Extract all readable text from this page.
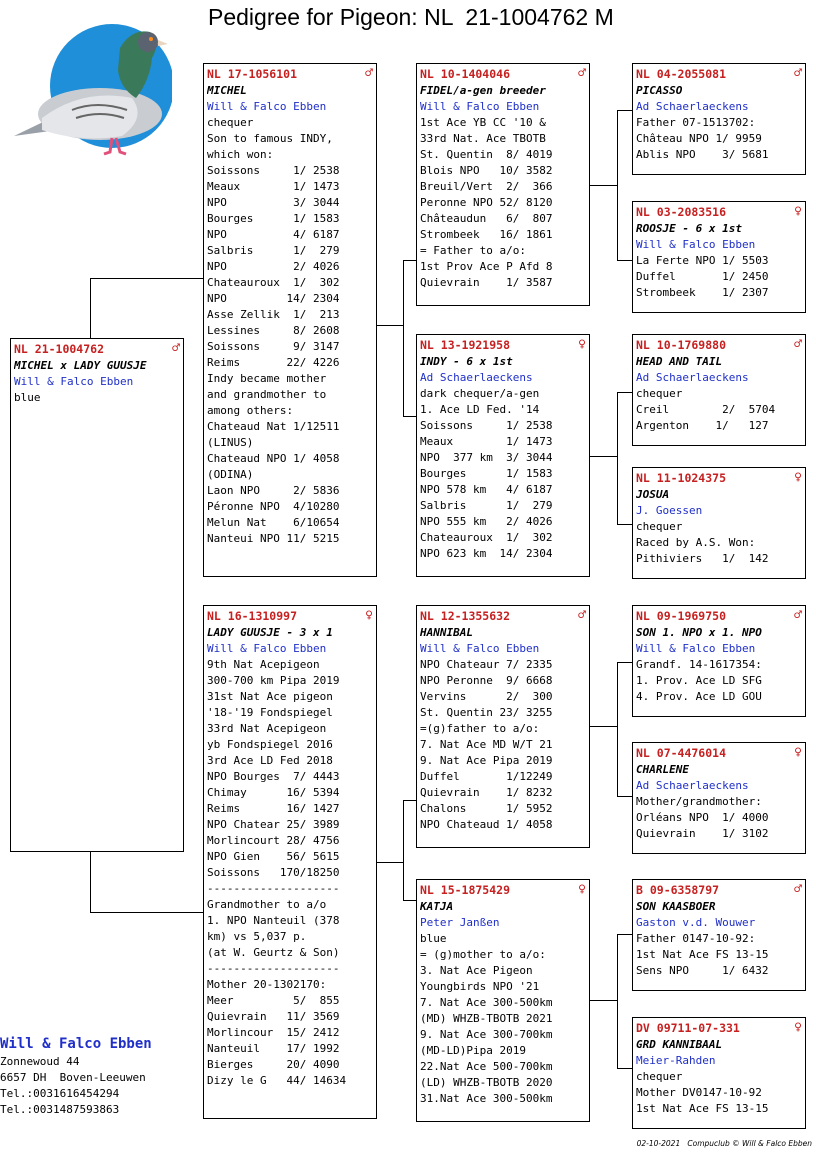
Pedigree for Pigeon: NL  21-1004762 M
NL 21-1004762	♂
MICHEL x LADY GUUSJE
Will & Falco Ebben
blue
NL 17-1056101	♂
MICHEL
Will & Falco Ebben
chequer
Son to famous INDY,
which won:
Soissons     1/ 2538
Meaux        1/ 1473
NPO          3/ 3044
Bourges      1/ 1583
NPO          4/ 6187
Salbris      1/  279
NPO          2/ 4026
Chateauroux  1/  302
NPO         14/ 2304
Asse Zellik  1/  213
Lessines     8/ 2608
Soissons     9/ 3147
Reims       22/ 4226
Indy became mother
and grandmother to
among others:
Chateaud Nat 1/12511
(LINUS)
Chateaud NPO 1/ 4058
(ODINA)
Laon NPO     2/ 5836
Péronne NPO  4/10280
Melun Nat    6/10654
Nanteui NPO 11/ 5215
NL 16-1310997	♀
LADY GUUSJE - 3 x 1
Will & Falco Ebben
9th Nat Acepigeon
300-700 km Pipa 2019
31st Nat Ace pigeon
'18-'19 Fondspiegel
33rd Nat Acepigeon
yb Fondspiegel 2016
3rd Ace LD Fed 2018
NPO Bourges  7/ 4443
Chimay      16/ 5394
Reims       16/ 1427
NPO Chatear 25/ 3989
Morlincourt 28/ 4756
NPO Gien    56/ 5615
Soissons   170/18250
--------------------
Grandmother to a/o
1. NPO Nanteuil (378
km) vs 5,037 p.
(at W. Geurtz & Son)
--------------------
Mother 20-1302170:
Meer         5/  855
Quievrain   11/ 3569
Morlincour  15/ 2412
Nanteuil    17/ 1992
Bierges     20/ 4090
Dizy le G   44/ 14634
NL 10-1404046	♂
FIDEL/a-gen breeder
Will & Falco Ebben
1st Ace YB CC '10 &
33rd Nat. Ace TBOTB
St. Quentin  8/ 4019
Blois NPO   10/ 3582
Breuil/Vert  2/  366
Peronne NPO 52/ 8120
Châteaudun   6/  807
Strombeek   16/ 1861
= Father to a/o:
1st Prov Ace P Afd 8
Quievrain    1/ 3587
NL 13-1921958	♀
INDY - 6 x 1st
Ad Schaerlaeckens
dark chequer/a-gen
1. Ace LD Fed. '14
Soissons     1/ 2538
Meaux        1/ 1473
NPO  377 km  3/ 3044
Bourges      1/ 1583
NPO 578 km   4/ 6187
Salbris      1/  279
NPO 555 km   2/ 4026
Chateauroux  1/  302
NPO 623 km  14/ 2304
NL 12-1355632	♂
HANNIBAL
Will & Falco Ebben
NPO Chateaur 7/ 2335
NPO Peronne  9/ 6668
Vervins      2/  300
St. Quentin 23/ 3255
=(g)father to a/o:
7. Nat Ace MD W/T 21
9. Nat Ace Pipa 2019
Duffel       1/12249
Quievrain    1/ 8232
Chalons      1/ 5952
NPO Chateaud 1/ 4058
NL 15-1875429	♀
KATJA
Peter Janßen
blue
= (g)mother to a/o:
3. Nat Ace Pigeon
Youngbirds NPO '21
7. Nat Ace 300-500km
(MD) WHZB-TBOTB 2021
9. Nat Ace 300-700km
(MD-LD)Pipa 2019
22.Nat Ace 500-700km
(LD) WHZB-TBOTB 2020
31.Nat Ace 300-500km
NL 04-2055081	♂
PICASSO
Ad Schaerlaeckens
Father 07-1513702:
Château NPO 1/ 9959
Ablis NPO    3/ 5681
NL 03-2083516	♀
ROOSJE - 6 x 1st
Will & Falco Ebben
La Ferte NPO 1/ 5503
Duffel       1/ 2450
Strombeek    1/ 2307
NL 10-1769880	♂
HEAD AND TAIL
Ad Schaerlaeckens
chequer
Creil        2/  5704
Argenton    1/   127
NL 11-1024375	♀
JOSUA
J. Goessen
chequer
Raced by A.S. Won:
Pithiviers   1/  142
NL 09-1969750	♂
SON 1. NPO x 1. NPO
Will & Falco Ebben
Grandf. 14-1617354:
1. Prov. Ace LD SFG
4. Prov. Ace LD GOU
NL 07-4476014	♀
CHARLENE
Ad Schaerlaeckens
Mother/grandmother:
Orléans NPO  1/ 4000
Quievrain    1/ 3102
B 09-6358797	♂
SON KAASBOER
Gaston v.d. Wouwer
Father 0147-10-92:
1st Nat Ace FS 13-15
Sens NPO     1/ 6432
DV 09711-07-331	♀
GRD KANNIBAAL
Meier-Rahden
chequer
Mother DV0147-10-92
1st Nat Ace FS 13-15
Will & Falco Ebben
Zonnewoud 44
6657 DH  Boven-Leeuwen
Tel.:0031616454294
Tel.:0031487593863
02-10-2021   Compuclub © Will & Falco Ebben
